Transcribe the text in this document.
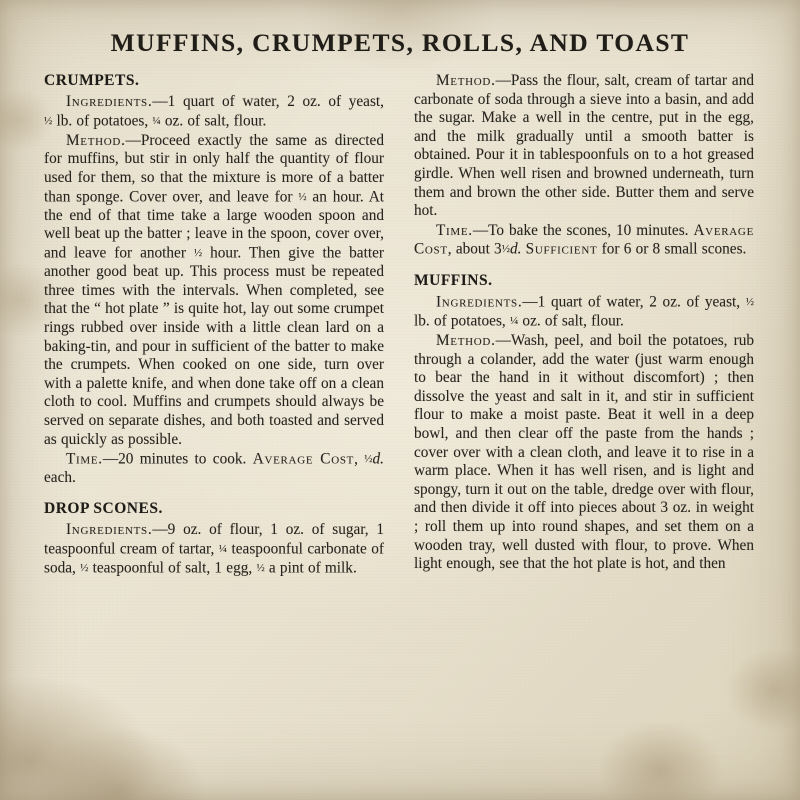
MUFFINS, CRUMPETS, ROLLS, AND TOAST
CRUMPETS.

Ingredients.—1 quart of water, 2 oz. of yeast, ½ lb. of potatoes, ¼ oz. of salt, flour.

Method.—Proceed exactly the same as directed for muffins, but stir in only half the quantity of flour used for them, so that the mixture is more of a batter than sponge. Cover over, and leave for ½ an hour. At the end of that time take a large wooden spoon and well beat up the batter ; leave in the spoon, cover over, and leave for another ½ hour. Then give the batter another good beat up. This process must be repeated three times with the intervals. When completed, see that the “ hot plate ” is quite hot, lay out some crumpet rings rubbed over inside with a little clean lard on a baking-tin, and pour in sufficient of the batter to make the crumpets. When cooked on one side, turn over with a palette knife, and when done take off on a clean cloth to cool. Muffins and crumpets should always be served on separate dishes, and both toasted and served as quickly as possible.

Time.—20 minutes to cook. Average Cost, ½d. each.

DROP SCONES.

Ingredients.—9 oz. of flour, 1 oz. of sugar, 1 teaspoonful cream of tartar, ¼ teaspoonful carbonate of soda, ½ teaspoonful of salt, 1 egg, ½ a pint of milk.

Method.—Pass the flour, salt, cream of tartar and carbonate of soda through a sieve into a basin, and add the sugar. Make a well in the centre, put in the egg, and the milk gradually until a smooth batter is obtained. Pour it in tablespoonfuls on to a hot greased girdle. When well risen and browned underneath, turn them and brown the other side. Butter them and serve hot.

Time.—To bake the scones, 10 minutes. Average Cost, about 3½d. Sufficient for 6 or 8 small scones.

MUFFINS.

Ingredients.—1 quart of water, 2 oz. of yeast, ½ lb. of potatoes, ¼ oz. of salt, flour.

Method.—Wash, peel, and boil the potatoes, rub through a colander, add the water (just warm enough to bear the hand in it without discomfort) ; then dissolve the yeast and salt in it, and stir in sufficient flour to make a moist paste. Beat it well in a deep bowl, and then clear off the paste from the hands ; cover over with a clean cloth, and leave it to rise in a warm place. When it has well risen, and is light and spongy, turn it out on the table, dredge over with flour, and then divide it off into pieces about 3 oz. in weight ; roll them up into round shapes, and set them on a wooden tray, well dusted with flour, to prove. When light enough, see that the hot plate is hot, and then
